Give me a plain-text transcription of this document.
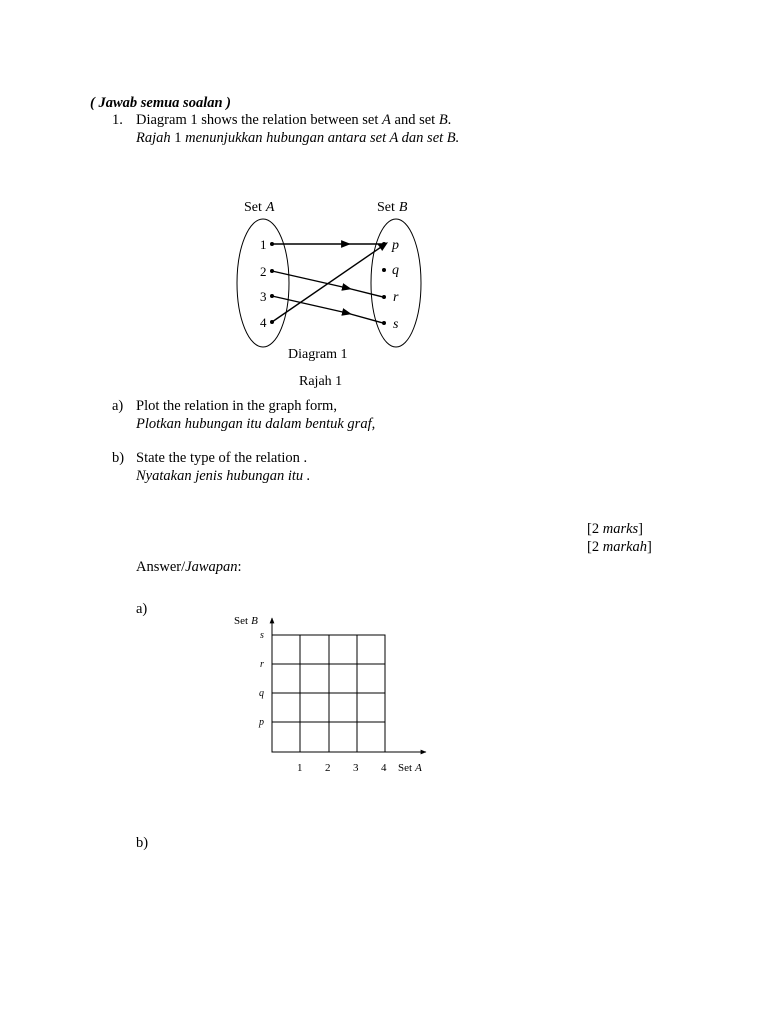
( Jawab semua soalan )
1. Diagram 1 shows the relation between set A and set B.
Rajah 1 menunjukkan hubungan antara set A dan set B.
Set A	Set B
1
2
3
4
p
q
r
s
Diagram 1
Rajah 1
a) Plot the relation in the graph form,
Plotkan hubungan itu dalam bentuk graf,
b) State the type of the relation .
Nyatakan jenis hubungan itu .
[2 marks]
[2 markah]
Answer/Jawapan:
a)
Set B
s
r
q
p
1 2 3 4 Set A
b)
